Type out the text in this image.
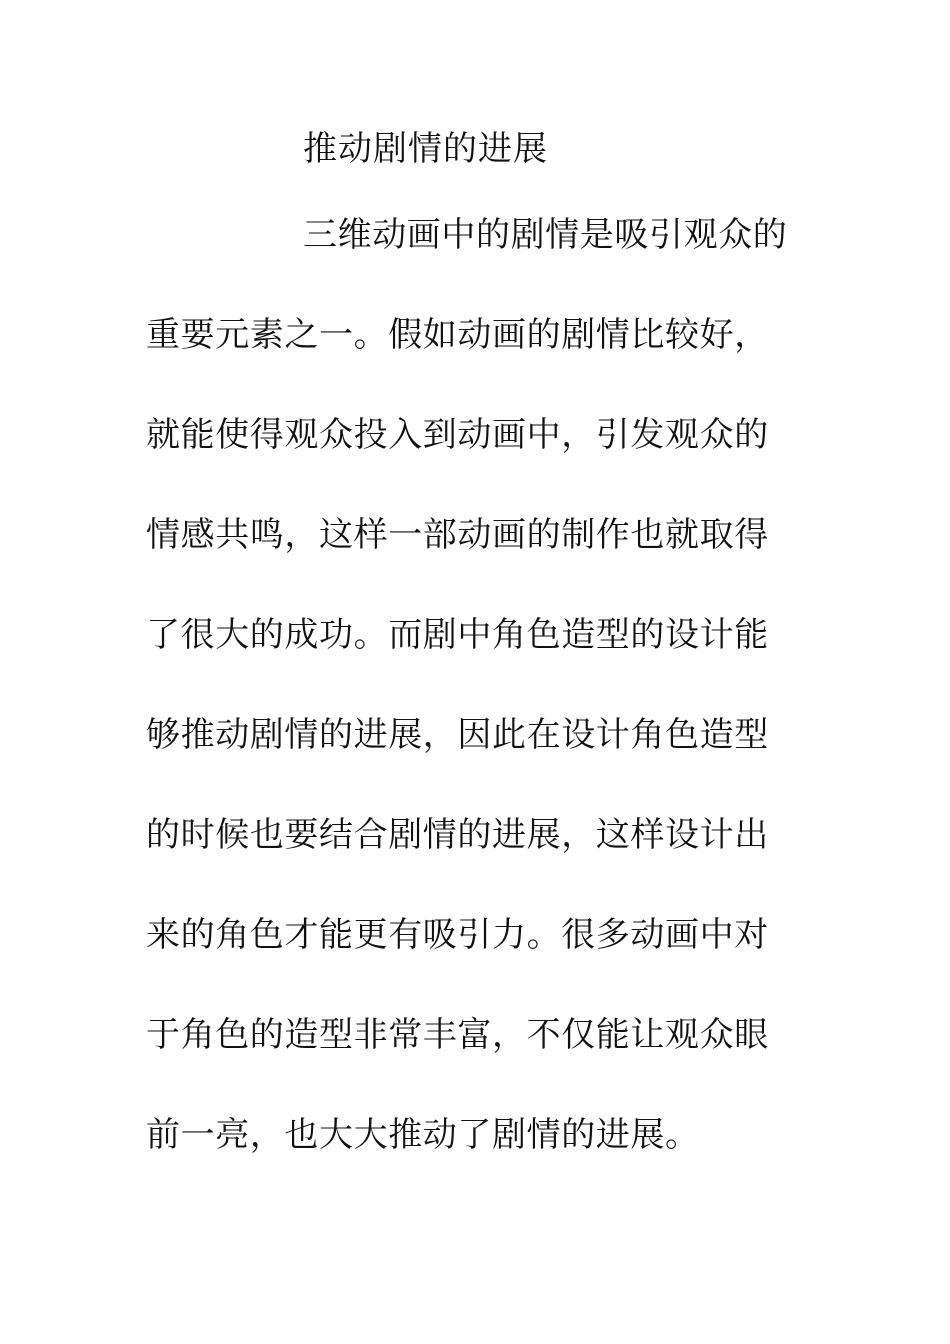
推动剧情的进展
三维动画中的剧情是吸引观众的
重要元素之一。假如动画的剧情比较好，
就能使得观众投入到动画中，引发观众的
情感共鸣，这样一部动画的制作也就取得
了很大的成功。而剧中角色造型的设计能
够推动剧情的进展，因此在设计角色造型
的时候也要结合剧情的进展，这样设计出
来的角色才能更有吸引力。很多动画中对
于角色的造型非常丰富，不仅能让观众眼
前一亮，也大大推动了剧情的进展。
